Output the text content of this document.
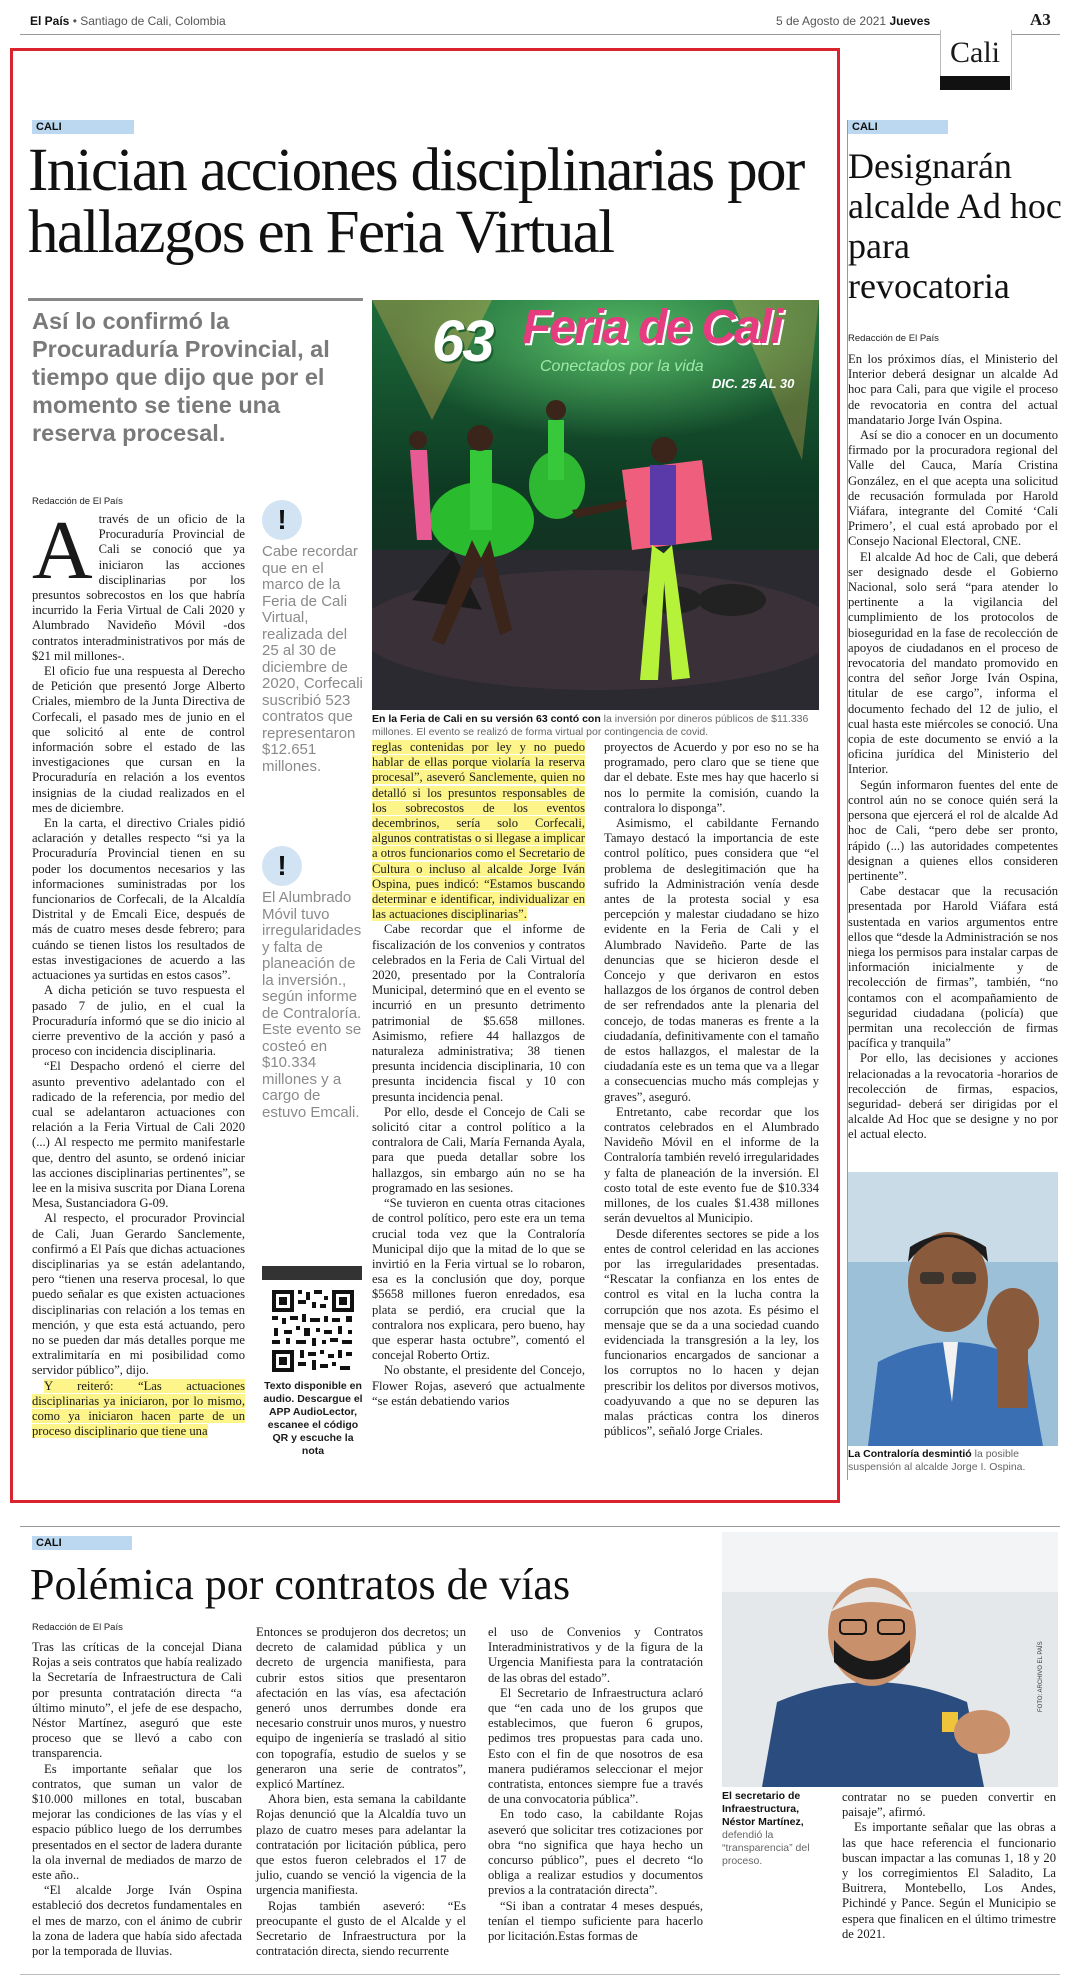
El País • Santiago de Cali, Colombia	5 de Agosto de 2021 Jueves	A3
Cali
CALI
Inician acciones disciplinarias por hallazgos en Feria Virtual
Así lo confirmó la Procuraduría Provincial, al tiempo que dijo que por el momento se tiene una reserva procesal.
Redacción de El País
63 Feria de Cali
Conectados por la vida
DIC. 25 AL 30
En la Feria de Cali en su versión 63 contó con la inversión por dineros públicos de $11.336 millones. El evento se realizó de forma virtual por contingencia de covid.
A través de un oficio de la Procuraduría Provincial de Cali se conoció que ya iniciaron las acciones disciplinarias por los presuntos sobrecostos en los que habría incurrido la Feria Virtual de Cali 2020 y Alumbrado Navideño Móvil -dos contratos interadministrativos por más de $21 mil millones-.

El oficio fue una respuesta al Derecho de Petición que presentó Jorge Alberto Criales, miembro de la Junta Directiva de Corfecali, el pasado mes de junio en el que solicitó al ente de control información sobre el estado de las investigaciones que cursan en la Procuraduría en relación a los eventos insignias de la ciudad realizados en el mes de diciembre.

En la carta, el directivo Criales pidió aclaración y detalles respecto “si ya la Procuraduría Provincial tienen en su poder los documentos necesarios y las informaciones suministradas por los funcionarios de Corfecali, de la Alcaldía Distrital y de Emcali Eice, después de más de cuatro meses desde febrero; para cuándo se tienen listos los resultados de estas investigaciones de acuerdo a las actuaciones ya surtidas en estos casos”.

A dicha petición se tuvo respuesta el pasado 7 de julio, en el cual la Procuraduría informó que se dio inicio al cierre preventivo de la acción y pasó a proceso con incidencia disciplinaria.

“El Despacho ordenó el cierre del asunto preventivo adelantado con el radicado de la referencia, por medio del cual se adelantaron actuaciones con relación a la Feria Virtual de Cali 2020 (...) Al respecto me permito manifestarle que, dentro del asunto, se ordenó iniciar las acciones disciplinarias pertinentes”, se lee en la misiva suscrita por Diana Lorena Mesa, Sustanciadora G-09.

Al respecto, el procurador Provincial de Cali, Juan Gerardo Sanclemente, confirmó a El País que dichas actuaciones disciplinarias ya se están adelantando, pero “tienen una reserva procesal, lo que puedo señalar es que existen actuaciones disciplinarias con relación a los temas en mención, y que esta está actuando, pero no se pueden dar más detalles porque me extralimitaría en mi posibilidad como servidor público”, dijo.

Y reiteró: “Las actuaciones disciplinarias ya iniciaron, por lo mismo, como ya iniciaron hacen parte de un proceso disciplinario que tiene una

!
Cabe recordar que en el marco de la Feria de Cali Virtual, realizada del 25 al 30 de diciembre de 2020, Corfecali suscribió 523 contratos que representaron $12.651 millones.
!
El Alumbrado Móvil tuvo irregularidades y falta de planeación de la inversión., según informe de Contraloría. Este evento se costeó en $10.334 millones y a cargo de estuvo Emcali.
Texto disponible en audio. Descargue el APP AudioLector, escanee el código QR y escuche la nota

reglas contenidas por ley y no puedo hablar de ellas porque violaría la reserva procesal”, aseveró Sanclemente, quien no detalló si los presuntos responsables de los sobrecostos de los eventos decembrinos, sería solo Corfecali, algunos contratistas o si llegase a implicar a otros funcionarios como el Secretario de Cultura o incluso al alcalde Jorge Iván Ospina, pues indicó: “Estamos buscando determinar e identificar, individualizar en las actuaciones disciplinarias”.

Cabe recordar que el informe de fiscalización de los convenios y contratos celebrados en la Feria de Cali Virtual del 2020, presentado por la Contraloría Municipal, determinó que en el evento se incurrió en un presunto detrimento patrimonial de $5.658 millones. Asimismo, refiere 44 hallazgos de naturaleza administrativa; 38 tienen presunta incidencia disciplinaria, 10 con presunta incidencia fiscal y 10 con presunta incidencia penal.

Por ello, desde el Concejo de Cali se solicitó citar a control político a la contralora de Cali, María Fernanda Ayala, para que pueda detallar sobre los hallazgos, sin embargo aún no se ha programado en las sesiones.

“Se tuvieron en cuenta otras citaciones de control político, pero este era un tema crucial toda vez que la Contraloría Municipal dijo que la mitad de lo que se invirtió en la Feria virtual se lo robaron, esa es la conclusión que doy, porque $5658 millones fueron enredados, esa plata se perdió, era crucial que la contralora nos explicara, pero bueno, hay que esperar hasta octubre”, comentó el concejal Roberto Ortiz.

No obstante, el presidente del Concejo, Flower Rojas, aseveró que actualmente “se están debatiendo varios

proyectos de Acuerdo y por eso no se ha programado, pero claro que se tiene que dar el debate. Este mes hay que hacerlo si nos lo permite la comisión, cuando la contralora lo disponga”.

Asimismo, el cabildante Fernando Tamayo destacó la importancia de este control político, pues considera que “el problema de deslegitimación que ha sufrido la Administración venía desde antes de la protesta social y esa percepción y malestar ciudadano se hizo evidente en la Feria de Cali y el Alumbrado Navideño. Parte de las denuncias que se hicieron desde el Concejo y que derivaron en estos hallazgos de los órganos de control deben de ser refrendados ante la plenaria del concejo, de todas maneras es frente a la ciudadanía, definitivamente con el tamaño de estos hallazgos, el malestar de la ciudadanía este es un tema que va a llegar a consecuencias mucho más complejas y graves”, aseguró.

Entretanto, cabe recordar que los contratos celebrados en el Alumbrado Navideño Móvil en el informe de la Contraloría también reveló irregularidades y falta de planeación de la inversión. El costo total de este evento fue de $10.334 millones, de los cuales $1.438 millones serán devueltos al Municipio.

Desde diferentes sectores se pide a los entes de control celeridad en las acciones por las irregularidades presentadas. “Rescatar la confianza en los entes de control es vital en la lucha contra la corrupción que nos azota. Es pésimo el mensaje que se da a una sociedad cuando evidenciada la transgresión a la ley, los funcionarios encargados de sancionar a los corruptos no lo hacen y dejan prescribir los delitos por diversos motivos, coadyuvando a que no se depuren las malas prácticas contra los dineros públicos”, señaló Jorge Criales.

CALI
Designarán alcalde Ad hoc para revocatoria
Redacción de El País

En los próximos días, el Ministerio del Interior deberá designar un alcalde Ad hoc para Cali, para que vigile el proceso de revocatoria en contra del actual mandatario Jorge Iván Ospina.

Así se dio a conocer en un documento firmado por la procuradora regional del Valle del Cauca, María Cristina González, en el que acepta una solicitud de recusación formulada por Harold Viáfara, integrante del Comité ‘Cali Primero’, el cual está aprobado por el Consejo Nacional Electoral, CNE.

El alcalde Ad hoc de Cali, que deberá ser designado desde el Gobierno Nacional, solo será “para atender lo pertinente a la vigilancia del cumplimiento de los protocolos de bioseguridad en la fase de recolección de apoyos de ciudadanos en el proceso de revocatoria del mandato promovido en contra del señor Jorge Iván Ospina, titular de ese cargo”, informa el documento fechado del 12 de julio, el cual hasta este miércoles se conoció. Una copia de este documento se envió a la oficina jurídica del Ministerio del Interior.

Según informaron fuentes del ente de control aún no se conoce quién será la persona que ejercerá el rol de alcalde Ad hoc de Cali, “pero debe ser pronto, rápido (...) las autoridades competentes designan a quienes ellos consideren pertinente”.

Cabe destacar que la recusación presentada por Harold Viáfara está sustentada en varios argumentos entre ellos que “desde la Administración se nos niega los permisos para instalar carpas de información inicialmente y de recolección de firmas”, también, “no contamos con el acompañamiento de seguridad ciudadana (policía) que permitan una recolección de firmas pacífica y tranquila”

Por ello, las decisiones y acciones relacionadas a la revocatoria -horarios de recolección de firmas, espacios, seguridad- deberá ser dirigidas por el alcalde Ad Hoc que se designe y no por el actual electo.

La Contraloría desmintió la posible suspensión al alcalde Jorge I. Ospina.
CALI
Polémica por contratos de vías
Redacción de El País

Tras las críticas de la concejal Diana Rojas a seis contratos que había realizado la Secretaría de Infraestructura de Cali por presunta contratación directa “a último minuto”, el jefe de ese despacho, Néstor Martínez, aseguró que este proceso que se llevó a cabo con transparencia.

Es importante señalar que los contratos, que suman un valor de $10.000 millones en total, buscaban mejorar las condiciones de las vías y el espacio público luego de los derrumbes presentados en el sector de ladera durante la ola invernal de mediados de marzo de este año..

“El alcalde Jorge Iván Ospina estableció dos decretos fundamentales en el mes de marzo, con el ánimo de cubrir la zona de ladera que había sido afectada por la temporada de lluvias.

Entonces se produjeron dos decretos; un decreto de calamidad pública y un decreto de urgencia manifiesta, para cubrir estos sitios que presentaron afectación en las vías, esa afectación generó unos derrumbes donde era necesario construir unos muros, y nuestro equipo de ingeniería se trasladó al sitio con topografía, estudio de suelos y se generaron una serie de contratos”, explicó Martínez.

Ahora bien, esta semana la cabildante Rojas denunció que la Alcaldía tuvo un plazo de cuatro meses para adelantar la contratación por licitación pública, pero que estos fueron celebrados el 17 de julio, cuando se venció la vigencia de la urgencia manifiesta.

Rojas también aseveró: “Es preocupante el gusto de el Alcalde y el Secretario de Infraestructura por la contratación directa, siendo recurrente

el uso de Convenios y Contratos Interadministrativos y de la figura de la Urgencia Manifiesta para la contratación de las obras del estado”.

El Secretario de Infraestructura aclaró que “en cada uno de los grupos que establecimos, que fueron 6 grupos, pedimos tres propuestas para cada uno. Esto con el fin de que nosotros de esa manera pudiéramos seleccionar el mejor contratista, entonces siempre fue a través de una convocatoria pública”.

En todo caso, la cabildante Rojas aseveró que solicitar tres cotizaciones por obra “no significa que haya hecho un concurso público”, pues el decreto “lo obliga a realizar estudios y documentos previos a la contratación directa”.

“Si iban a contratar 4 meses después, tenían el tiempo suficiente para hacerlo por licitación.Estas formas de

FOTO: ARCHIVO EL PAÍS
El secretario de Infraestructura, Néstor Martínez, defendió la “transparencia” del proceso.

contratar no se pueden convertir en paisaje”, afirmó.

Es importante señalar que las obras a las que hace referencia el funcionario buscan impactar a las comunas 1, 18 y 20 y los corregimientos El Saladito, La Buitrera, Montebello, Los Andes, Pichindé y Pance. Según el Municipio se espera que finalicen en el último trimestre de 2021.
